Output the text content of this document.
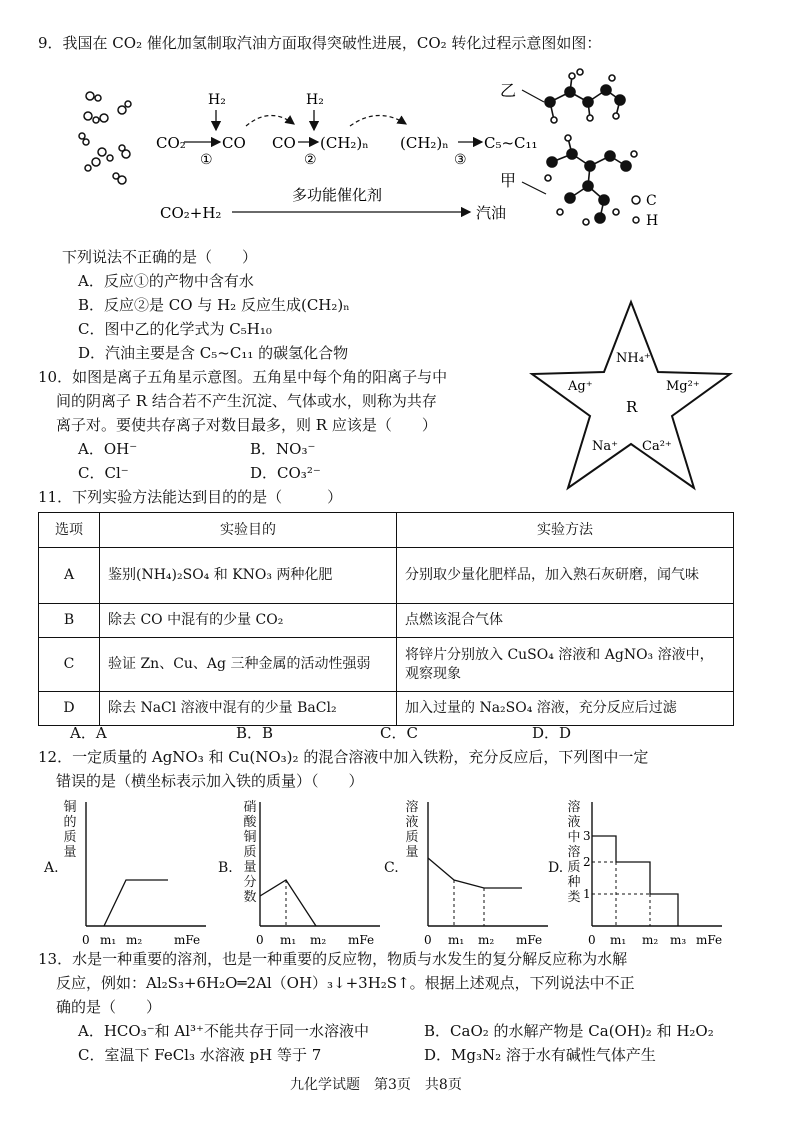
9．我国在 CO₂ 催化加氢制取汽油方面取得突破性进展，CO₂ 转化过程示意图如图：
H₂
CO₂ CO
①
H₂
CO (CH₂)ₙ
②
(CH₂)ₙ C₅~C₁₁
③
CO₂+H₂
多功能催化剂
汽油
乙
甲
C
H
下列说法不正确的是（　　）
A．反应①的产物中含有水
B．反应②是 CO 与 H₂ 反应生成(CH₂)ₙ
C．图中乙的化学式为 C₅H₁₀
D．汽油主要是含 C₅~C₁₁ 的碳氢化合物
10．如图是离子五角星示意图。五角星中每个角的阳离子与中
间的阴离子 R 结合若不产生沉淀、气体或水，则称为共存
离子对。要使共存离子对数目最多，则 R 应该是（　　）
A．OH⁻	B．NO₃⁻
C．Cl⁻	D．CO₃²⁻
NH₄⁺
Ag⁺	Mg²⁺
R
Na⁺ Ca²⁺
11．下列实验方法能达到目的的是（　　　）
选项	实验目的	实验方法
A	鉴别(NH₄)₂SO₄ 和 KNO₃ 两种化肥	分别取少量化肥样品，加入熟石灰研磨，闻气味
B	除去 CO 中混有的少量 CO₂	点燃该混合气体
C	验证 Zn、Cu、Ag 三种金属的活动性强弱	将锌片分别放入 CuSO₄ 溶液和 AgNO₃ 溶液中，观察现象
D	除去 NaCl 溶液中混有的少量 BaCl₂	加入过量的 Na₂SO₄ 溶液，充分反应后过滤
A．A	B．B	C．C	D．D
12．一定质量的 AgNO₃ 和 Cu(NO₃)₂ 的混合溶液中加入铁粉，充分反应后，下列图中一定
错误的是（横坐标表示加入铁的质量）（　　）
铜的质量
A.
0 m₁ m₂	mFe
硝酸铜质量分数
B.
0 m₁ m₂ mFe
溶液质量
C.
0 m₁ m₂ mFe
溶液中溶质种类
D.
3
2
1
0 m₁ m₂ m₃ mFe
13．水是一种重要的溶剂，也是一种重要的反应物，物质与水发生的复分解反应称为水解
反应，例如：Al₂S₃+6H₂O═2Al（OH）₃↓+3H₂S↑。根据上述观点，下列说法中不正
确的是（　　）
A．HCO₃⁻和 Al³⁺不能共存于同一水溶液中	B．CaO₂ 的水解产物是 Ca(OH)₂ 和 H₂O₂
C．室温下 FeCl₃ 水溶液 pH 等于 7	D．Mg₃N₂ 溶于水有碱性气体产生
九化学试题　第3页　共8页
